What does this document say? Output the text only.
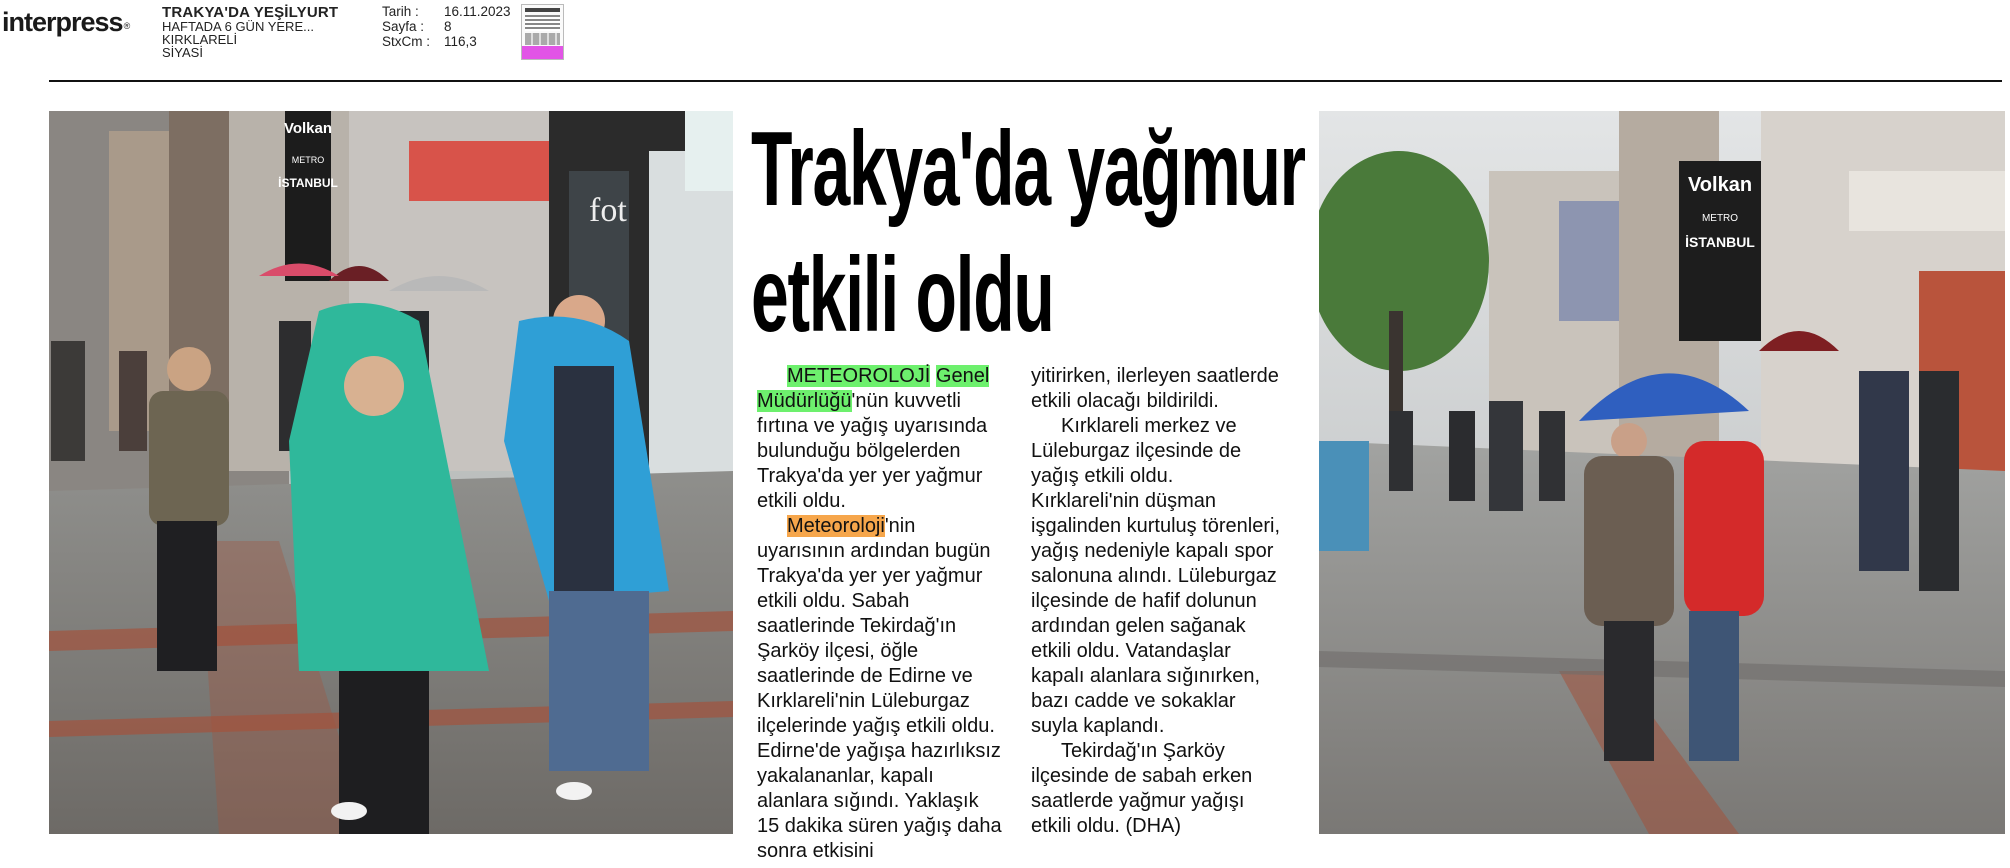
interpress®
TRAKYA'DA YEŞİLYURT
HAFTADA 6 GÜN YERE...
KIRKLARELİ
SİYASİ
Tarih :	16.11.2023
Sayfa :	8
StxCm :	116,3
Volkan
METRO
İSTANBUL
fot Trakya'da yağmur
etkili oldu
METEOROLOJİ Genel Müdürlüğü'nün kuvvetli fırtına ve yağış uyarısında bulunduğu bölgelerden Trakya'da yer yer yağmur etkili oldu.
Meteoroloji'nin uyarısının ardından bugün Trakya'da yer yer yağmur etkili oldu. Sabah saatlerinde Tekirdağ'ın Şarköy ilçesi, öğle saatlerinde de Edirne ve Kırklareli'nin Lüleburgaz ilçelerinde yağış etkili oldu. Edirne'de yağışa hazırlıksız yakalananlar, kapalı alanlara sığındı. Yaklaşık 15 dakika süren yağış daha sonra etkisini
yitirirken, ilerleyen saatlerde etkili olacağı bildirildi.
Kırklareli merkez ve Lüleburgaz ilçesinde de yağış etkili oldu. Kırklareli'nin düşman işgalinden kurtuluş törenleri, yağış nedeniyle kapalı spor salonuna alındı. Lüleburgaz ilçesinde de hafif dolunun ardından gelen sağanak etkili oldu. Vatandaşlar kapalı alanlara sığınırken, bazı cadde ve sokaklar suyla kaplandı.
Tekirdağ'ın Şarköy ilçesinde de sabah erken saatlerde yağmur yağışı etkili oldu. (DHA)
Volkan
METRO
İSTANBUL
